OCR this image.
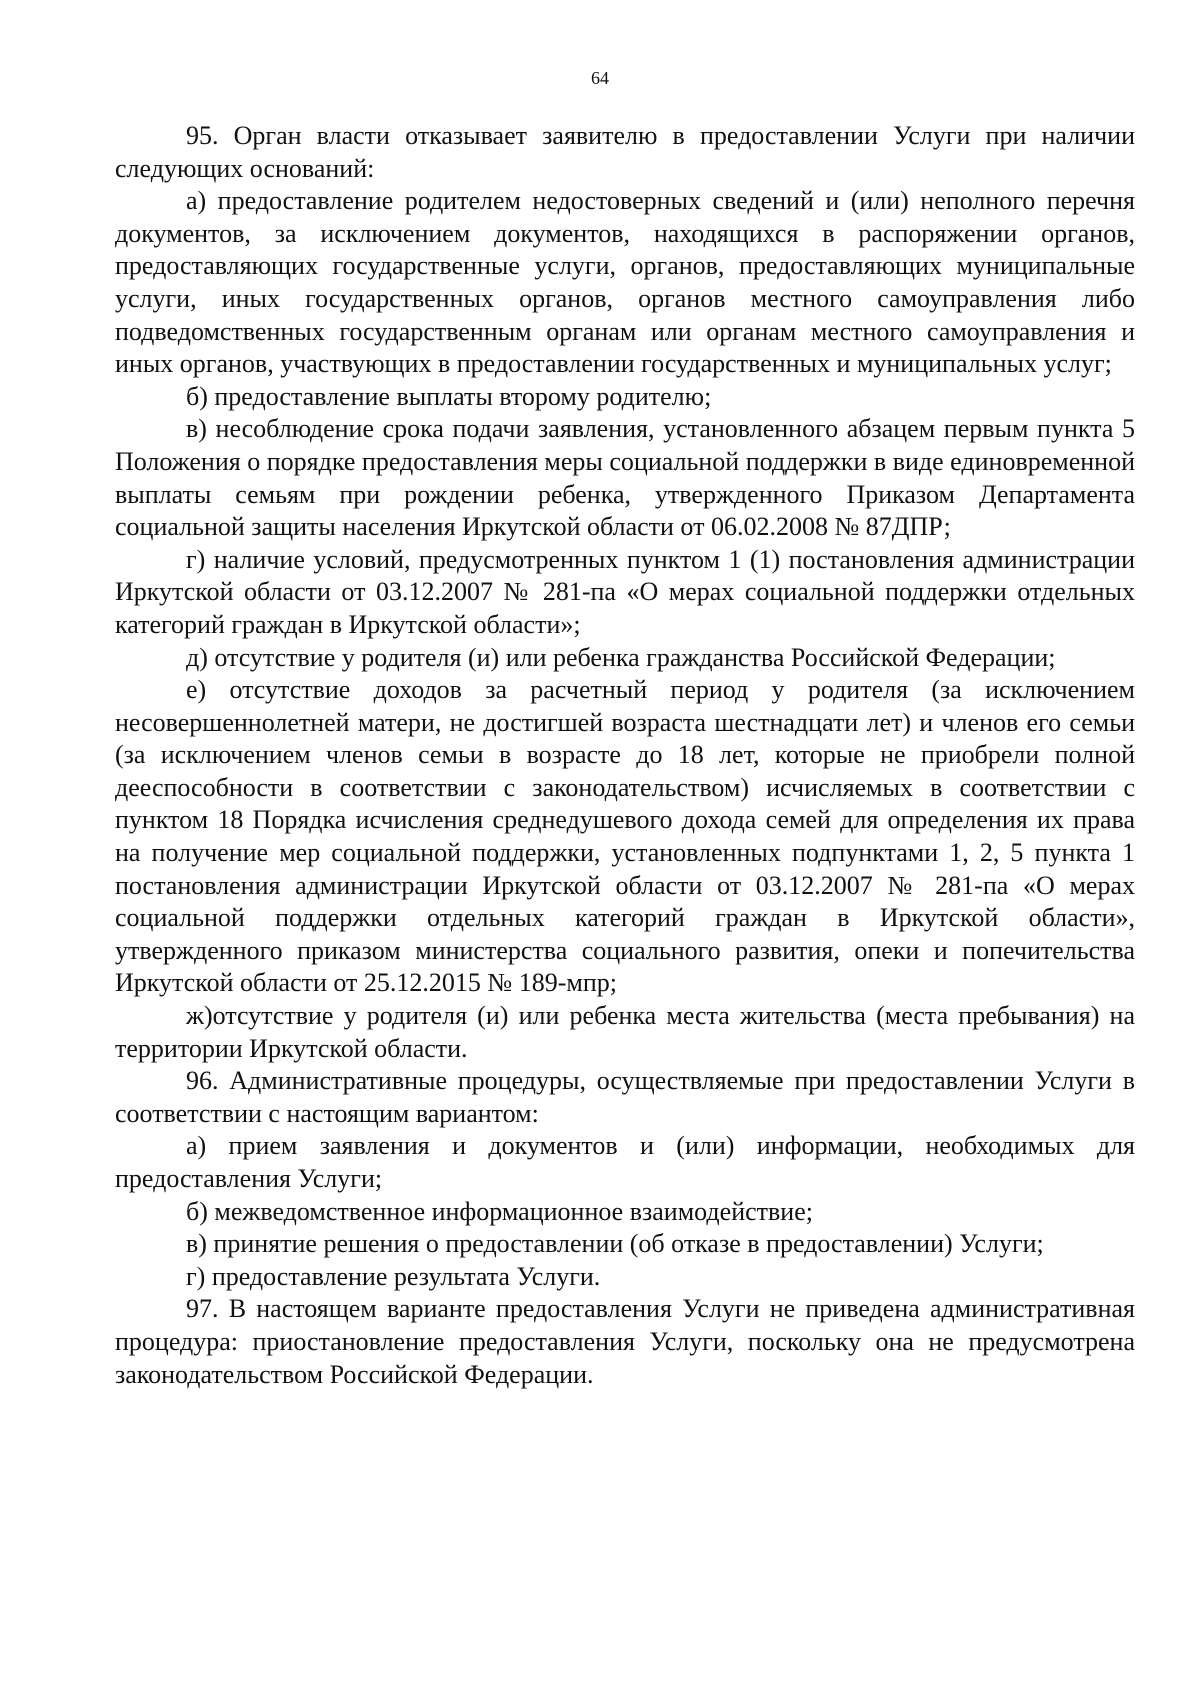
64

95. Орган власти отказывает заявителю в предоставлении Услуги при наличии следующих оснований:

а) предоставление родителем недостоверных сведений и (или) неполного перечня документов, за исключением документов, находящихся в распоряжении органов, предоставляющих государственные услуги, органов, предоставляющих муниципальные услуги, иных государственных органов, органов местного самоуправления либо подведомственных государственным органам или органам местного самоуправления и иных органов, участвующих в предоставлении государственных и муниципальных услуг;

б) предоставление выплаты второму родителю;

в) несоблюдение срока подачи заявления, установленного абзацем первым пункта 5 Положения о порядке предоставления меры социальной поддержки в виде единовременной выплаты семьям при рождении ребенка, утвержденного Приказом Департамента социальной защиты населения Иркутской области от 06.02.2008 № 87ДПР;

г) наличие условий, предусмотренных пунктом 1 (1) постановления администрации Иркутской области от 03.12.2007 № 281-па «О мерах социальной поддержки отдельных категорий граждан в Иркутской области»;

д) отсутствие у родителя (и) или ребенка гражданства Российской Федерации;

е) отсутствие доходов за расчетный период у родителя (за исключением несовершеннолетней матери, не достигшей возраста шестнадцати лет) и членов его семьи (за исключением членов семьи в возрасте до 18 лет, которые не приобрели полной дееспособности в соответствии с законодательством) исчисляемых в соответствии с пунктом 18 Порядка исчисления среднедушевого дохода семей для определения их права на получение мер социальной поддержки, установленных подпунктами 1, 2, 5 пункта 1 постановления администрации Иркутской области от 03.12.2007 № 281-па «О мерах социальной поддержки отдельных категорий граждан в Иркутской области», утвержденного приказом министерства социального развития, опеки и попечительства Иркутской области от 25.12.2015 № 189-мпр;

ж)отсутствие у родителя (и) или ребенка места жительства (места пребывания) на территории Иркутской области.

96. Административные процедуры, осуществляемые при предоставлении Услуги в соответствии с настоящим вариантом:

а) прием заявления и документов и (или) информации, необходимых для предоставления Услуги;

б) межведомственное информационное взаимодействие;

в) принятие решения о предоставлении (об отказе в предоставлении) Услуги;

г) предоставление результата Услуги.

97. В настоящем варианте предоставления Услуги не приведена административная процедура: приостановление предоставления Услуги, поскольку она не предусмотрена законодательством Российской Федерации.
